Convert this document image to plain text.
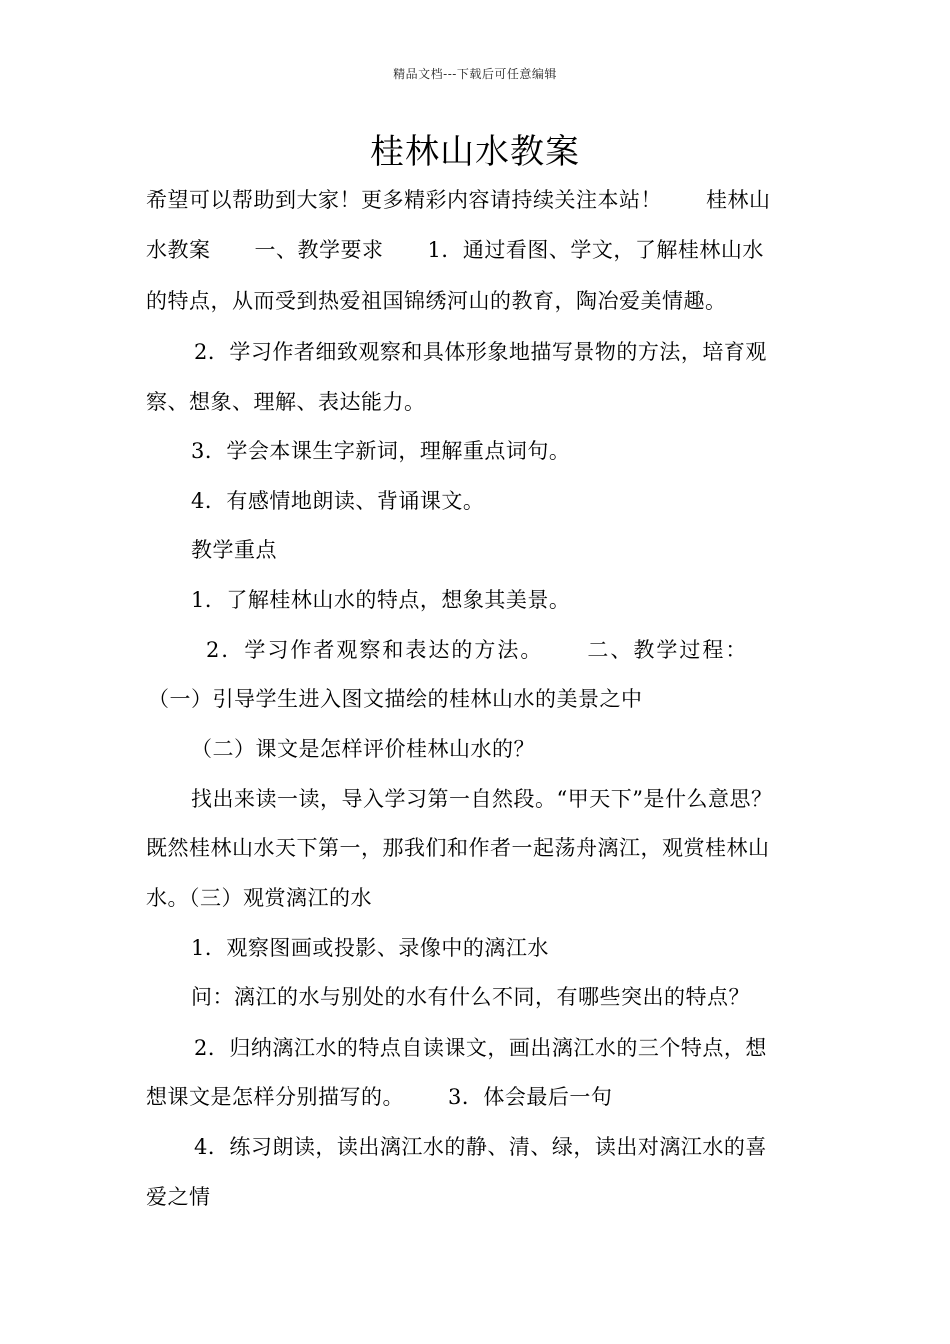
精品文档---下载后可任意编辑
桂林山水教案
希望可以帮助到大家！更多精彩内容请持续关注本站！ 桂林山
水教案 一、教学要求 1．通过看图、学文，了解桂林山水
的特点，从而受到热爱祖国锦绣河山的教育，陶冶爱美情趣。
2．学习作者细致观察和具体形象地描写景物的方法，培育观
察、想象、理解、表达能力。
3．学会本课生字新词，理解重点词句。
4．有感情地朗读、背诵课文。
教学重点
1．了解桂林山水的特点，想象其美景。
2．学习作者观察和表达的方法。 二、教学过程：
（一）引导学生进入图文描绘的桂林山水的美景之中
（二）课文是怎样评价桂林山水的？
找出来读一读，导入学习第一自然段。“甲天下”是什么意思？
既然桂林山水天下第一，那我们和作者一起荡舟漓江，观赏桂林山
水。（三）观赏漓江的水
1．观察图画或投影、录像中的漓江水
问：漓江的水与别处的水有什么不同，有哪些突出的特点？
2．归纳漓江水的特点自读课文，画出漓江水的三个特点，想
想课文是怎样分别描写的。 3．体会最后一句
4．练习朗读，读出漓江水的静、清、绿，读出对漓江水的喜
爱之情
